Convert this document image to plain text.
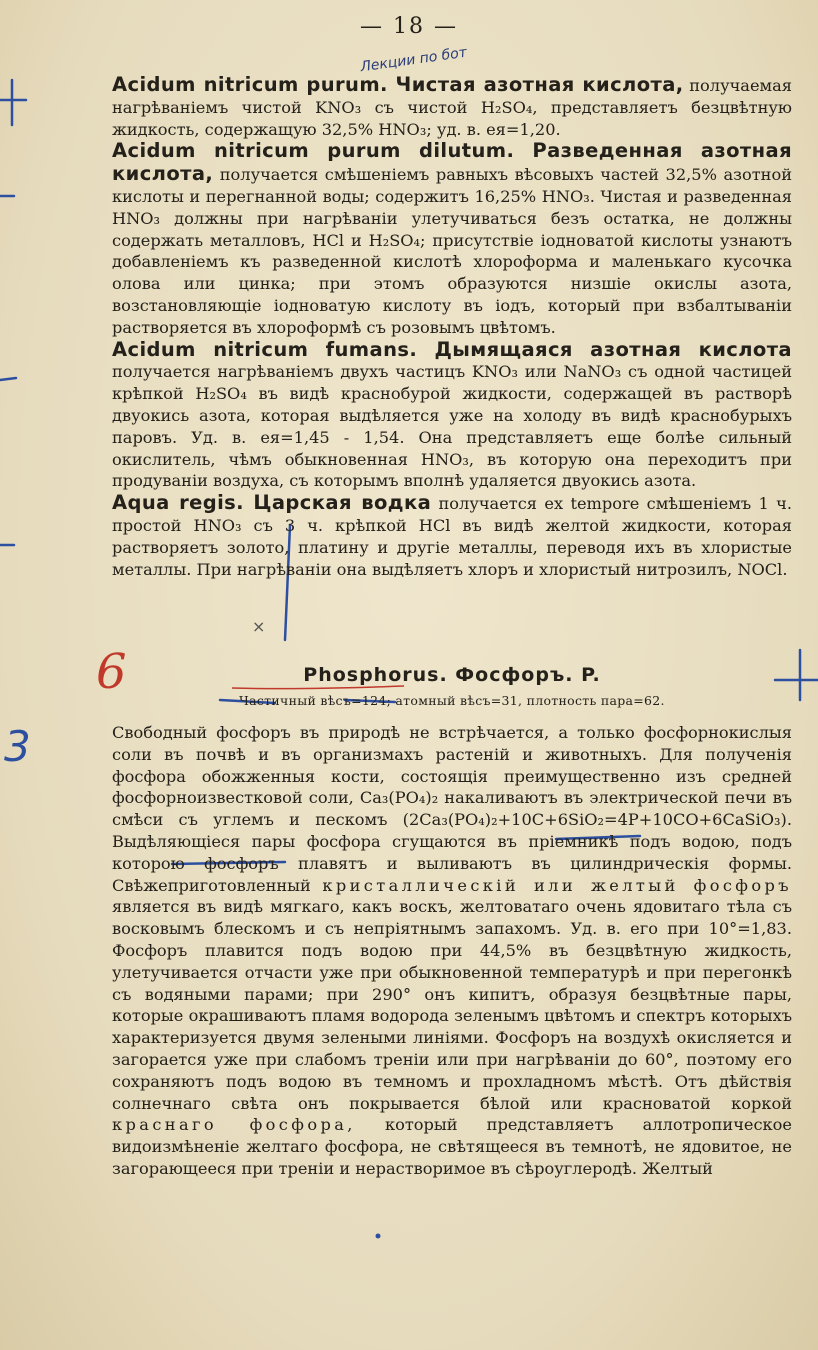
— 18 —
Лекции по бот
6
3
×

Acidum nitricum purum. Чистая азотная кислота, получаемая нагрѣваніемъ чистой KNO₃ съ чистой H₂SO₄, представляетъ безцвѣтную жидкость, содержащую 32,5% HNO₃; уд. в. ея=1,20.

Acidum nitricum purum dilutum. Разведенная азотная кислота, получается смѣшеніемъ равныхъ вѣсовыхъ частей 32,5% азотной кислоты и перегнанной воды; содержитъ 16,25% HNO₃. Чистая и разведенная HNO₃ должны при нагрѣваніи улетучиваться безъ остатка, не должны содержать металловъ, HCl и H₂SO₄; присутствіе іодноватой кислоты узнаютъ добавленіемъ къ разведенной кислотѣ хлороформа и маленькаго кусочка олова или цинка; при этомъ образуются низшіе окислы азота, возстановляющіе іодноватую кислоту въ іодъ, который при взбалтываніи растворяется въ хлороформѣ съ розовымъ цвѣтомъ.

Acidum nitricum fumans. Дымящаяся азотная кислота получается нагрѣваніемъ двухъ частицъ KNO₃ или NaNO₃ съ одной частицей крѣпкой H₂SO₄ въ видѣ краснобурой жидкости, содержащей въ растворѣ двуокись азота, которая выдѣляется уже на холоду въ видѣ краснобурыхъ паровъ. Уд. в. ея=1,45 - 1,54. Она представляетъ еще болѣе сильный окислитель, чѣмъ обыкновенная HNO₃, въ которую она переходитъ при продуваніи воздуха, съ которымъ вполнѣ удаляется двуокись азота.

Aqua regis. Царская водка получается ex tempore смѣшеніемъ 1 ч. простой HNO₃ съ 3 ч. крѣпкой HCl въ видѣ желтой жидкости, которая растворяетъ золото, платину и другіе металлы, переводя ихъ въ хлористые металлы. При нагрѣваніи она выдѣляетъ хлоръ и хлористый нитрозилъ, NOCl.

Phosphorus. Фосфоръ. P.
Частичный вѣсъ=124; атомный вѣсъ=31, плотность пара=62.

Свободный фосфоръ въ природѣ не встрѣчается, а только фосфорнокислыя соли въ почвѣ и въ организмахъ растеній и животныхъ. Для полученія фосфора обожженныя кости, состоящія преимущественно изъ средней фосфорноизвестковой соли, Ca₃(PO₄)₂ накаливаютъ въ электрической печи въ смѣси съ углемъ и пескомъ (2Ca₃(PO₄)₂+10C+6SiO₂=4P+10CO+6CaSiO₃). Выдѣляющіеся пары фосфора сгущаются въ пріемникѣ подъ водою, подъ которою фосфоръ плавятъ и выливаютъ въ цилиндрическія формы. Свѣжеприготовленный кристаллическій или желтый фосфоръ является въ видѣ мягкаго, какъ воскъ, желтоватаго очень ядовитаго тѣла съ восковымъ блескомъ и съ непріятнымъ запахомъ. Уд. в. его при 10°=1,83. Фосфоръ плавится подъ водою при 44,5% въ безцвѣтную жидкость, улетучивается отчасти уже при обыкновенной температурѣ и при перегонкѣ съ водяными парами; при 290° онъ кипитъ, образуя безцвѣтные пары, которые окрашиваютъ пламя водорода зеленымъ цвѣтомъ и спектръ которыхъ характеризуется двумя зелеными линіями. Фосфоръ на воздухѣ окисляется и загорается уже при слабомъ треніи или при нагрѣваніи до 60°, поэтому его сохраняютъ подъ водою въ темномъ и прохладномъ мѣстѣ. Отъ дѣйствія солнечнаго свѣта онъ покрывается бѣлой или красноватой коркой краснаго фосфора, который представляетъ аллотропическое видоизмѣненіе желтаго фосфора, не свѣтящееся въ темнотѣ, не ядовитое, не загорающееся при треніи и нерастворимое въ сѣроуглеродѣ. Желтый
